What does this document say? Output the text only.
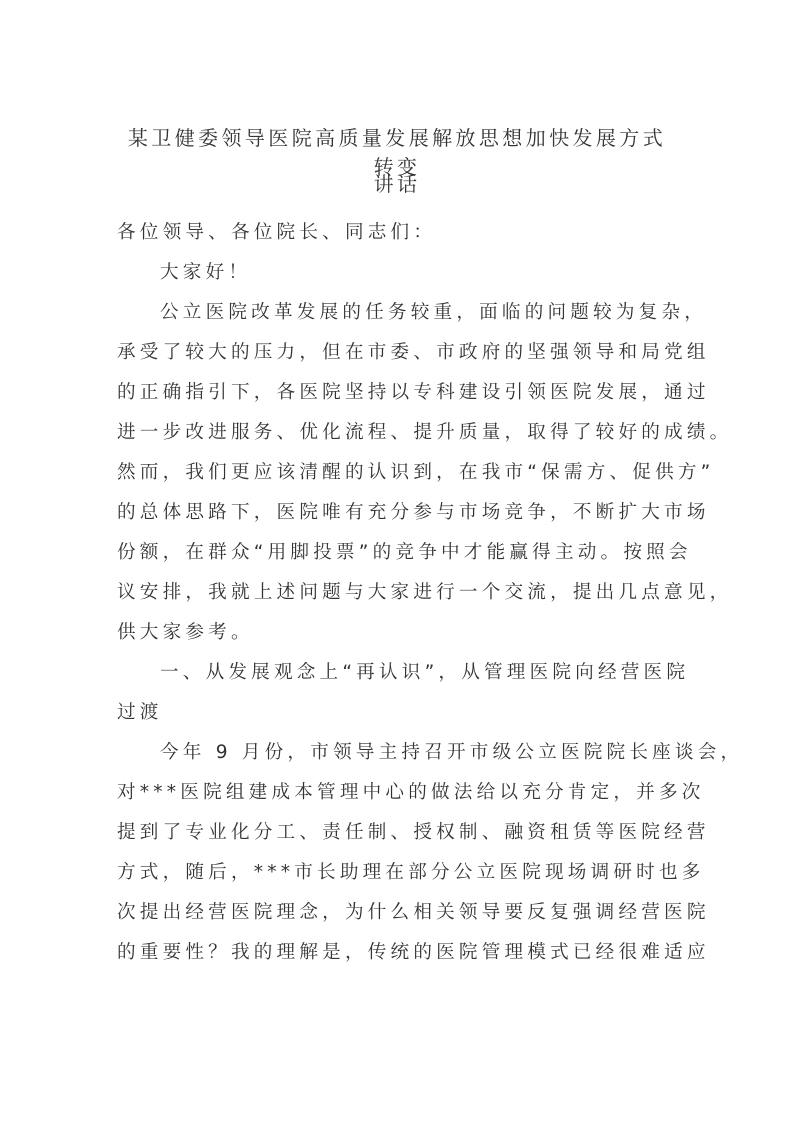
某卫健委领导医院高质量发展解放思想加快发展方式转变
讲话
各位领导、各位院长、同志们：
大家好！
公立医院改革发展的任务较重，面临的问题较为复杂，
承受了较大的压力，但在市委、市政府的坚强领导和局党组
的正确指引下，各医院坚持以专科建设引领医院发展，通过
进一步改进服务、优化流程、提升质量，取得了较好的成绩。
然而，我们更应该清醒的认识到，在我市“保需方、促供方”
的总体思路下，医院唯有充分参与市场竞争，不断扩大市场
份额，在群众“用脚投票”的竞争中才能赢得主动。按照会
议安排，我就上述问题与大家进行一个交流，提出几点意见，
供大家参考。
一、从发展观念上“再认识”，从管理医院向经营医院
过渡
今年 9 月份，市领导主持召开市级公立医院院长座谈会，
对***医院组建成本管理中心的做法给以充分肯定，并多次
提到了专业化分工、责任制、授权制、融资租赁等医院经营
方式，随后，***市长助理在部分公立医院现场调研时也多
次提出经营医院理念，为什么相关领导要反复强调经营医院
的重要性？我的理解是，传统的医院管理模式已经很难适应
